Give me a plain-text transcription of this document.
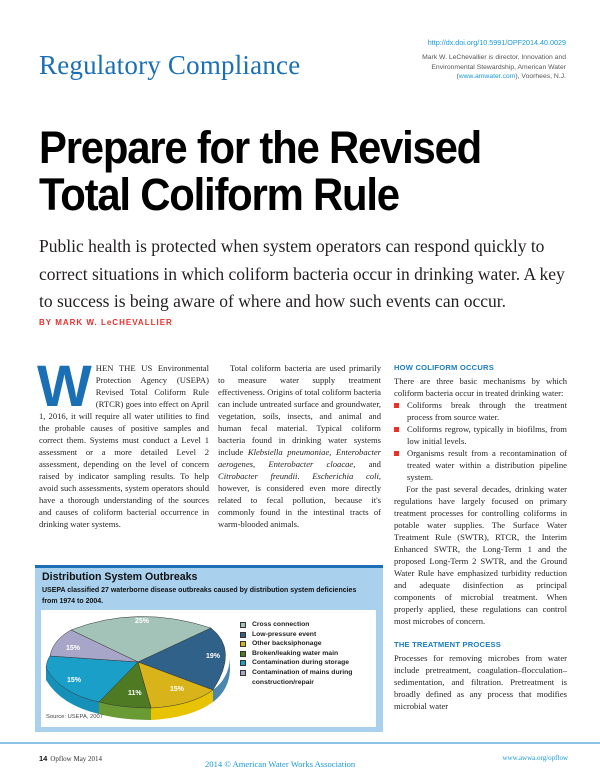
http://dx.doi.org/10.5991/OPF2014.40.0029
Mark W. LeChevallier is director, Innovation and Environmental Stewardship, American Water (www.amwater.com), Voorhees, N.J.
Regulatory Compliance
Prepare for the Revised
Total Coliform Rule
Public health is protected when system operators can respond quickly to correct situations in which coliform bacteria occur in drinking water. A key to success is being aware of where and how such events can occur.
BY MARK W. LeCHEVALLIER
W HEN THE US Environmental Protection Agency (USEPA) Revised Total Coliform Rule (RTCR) goes into effect on April 1, 2016, it will require all water utilities to find the probable causes of positive samples and correct them. Systems must conduct a Level 1 assessment or a more detailed Level 2 assessment, depending on the level of concern raised by indicator sampling results. To help avoid such assessments, system operators should have a thorough understanding of the sources and causes of coliform bacterial occurrence in drinking water systems.

Total coliform bacteria are used primarily to measure water supply treatment effectiveness. Origins of total coliform bacteria can include untreated surface and groundwater, vegetation, soils, insects, and animal and human fecal material. Typical coliform bacteria found in drinking water systems include Klebsiella pneumoniae, Enterobacter aerogenes, Enterobacter cloacae, and Citrobacter freundii. Escherichia coli, however, is considered even more directly related to fecal pollution, because it's commonly found in the intestinal tracts of warm-blooded animals.

HOW COLIFORM OCCURS

There are three basic mechanisms by which coliform bacteria occur in treated drinking water:

Coliforms break through the treatment process from source water.
Coliforms regrow, typically in biofilms, from low initial levels.
Organisms result from a recontamination of treated water within a distribution pipeline system.

For the past several decades, drinking water regulations have largely focused on primary treatment processes for controlling coliforms in potable water supplies. The Surface Water Treatment Rule (SWTR), RTCR, the Interim Enhanced SWTR, the Long-Term 1 and the proposed Long-Term 2 SWTR, and the Ground Water Rule have emphasized turbidity reduction and adequate disinfection as principal components of microbial treatment. When properly applied, these regulations can control most microbes of concern.

THE TREATMENT PROCESS

Processes for removing microbes from water include pretreatment, coagulation–flocculation–sedimentation, and filtration. Pretreatment is broadly defined as any process that modifies microbial water

Distribution System Outbreaks
USEPA classified 27 waterborne disease outbreaks caused by distribution system deficiencies from 1974 to 2004.
25%
19%
15%
11%
15%
15%
Cross connection
Low-pressure event
Other backsiphonage
Broken/leaking water main
Contamination during storage
Contamination of mains during construction/repair
Source: USEPA, 2007
14 Opflow May 2014	2014 © American Water Works Association
www.awwa.org/opflow
